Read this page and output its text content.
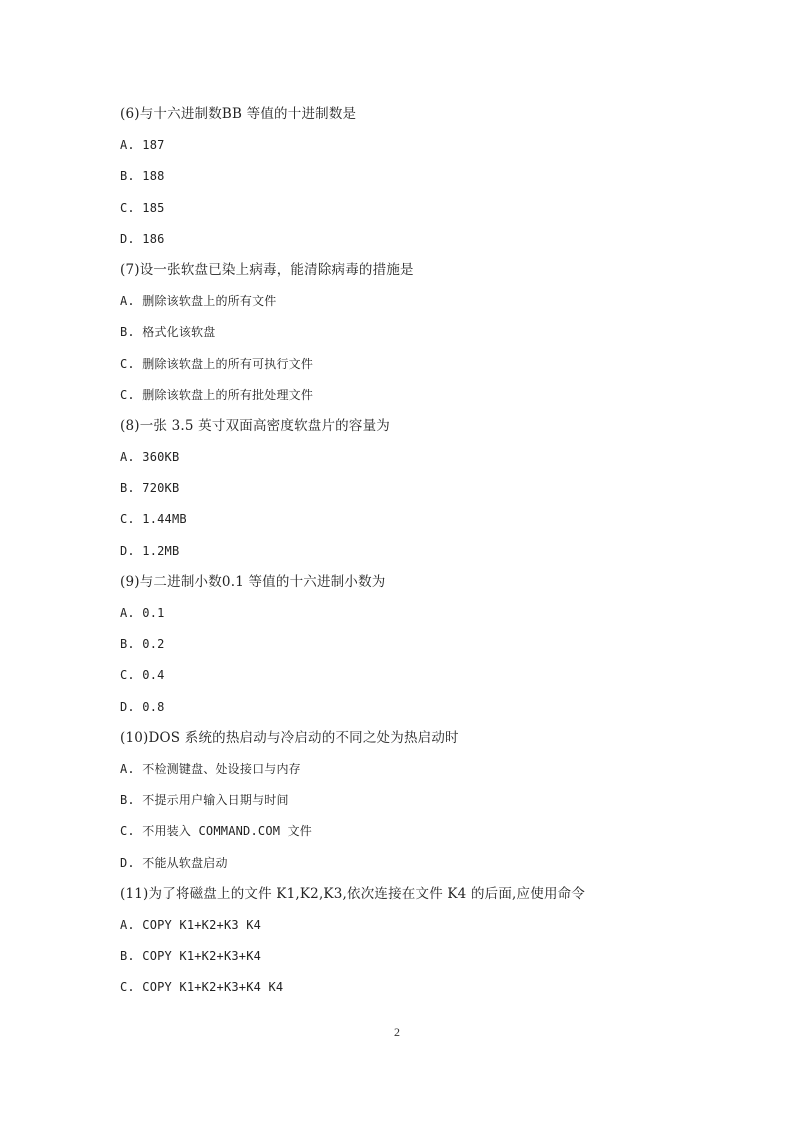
(6)与十六进制数BB 等值的十进制数是
A. 187
B. 188
C. 185
D. 186
(7)设一张软盘已染上病毒，能清除病毒的措施是
A. 删除该软盘上的所有文件
B. 格式化该软盘
C. 删除该软盘上的所有可执行文件
C. 删除该软盘上的所有批处理文件
(8)一张 3.5 英寸双面高密度软盘片的容量为
A. 360KB
B. 720KB
C. 1.44MB
D. 1.2MB
(9)与二进制小数0.1 等值的十六进制小数为
A. 0.1
B. 0.2
C. 0.4
D. 0.8
(10)DOS 系统的热启动与冷启动的不同之处为热启动时
A. 不检测键盘、处设接口与内存
B. 不提示用户输入日期与时间
C. 不用装入 COMMAND.COM 文件
D. 不能从软盘启动
(11)为了将磁盘上的文件 K1,K2,K3,依次连接在文件 K4 的后面,应使用命令
A. COPY K1+K2+K3 K4
B. COPY K1+K2+K3+K4
C. COPY K1+K2+K3+K4 K4
2
